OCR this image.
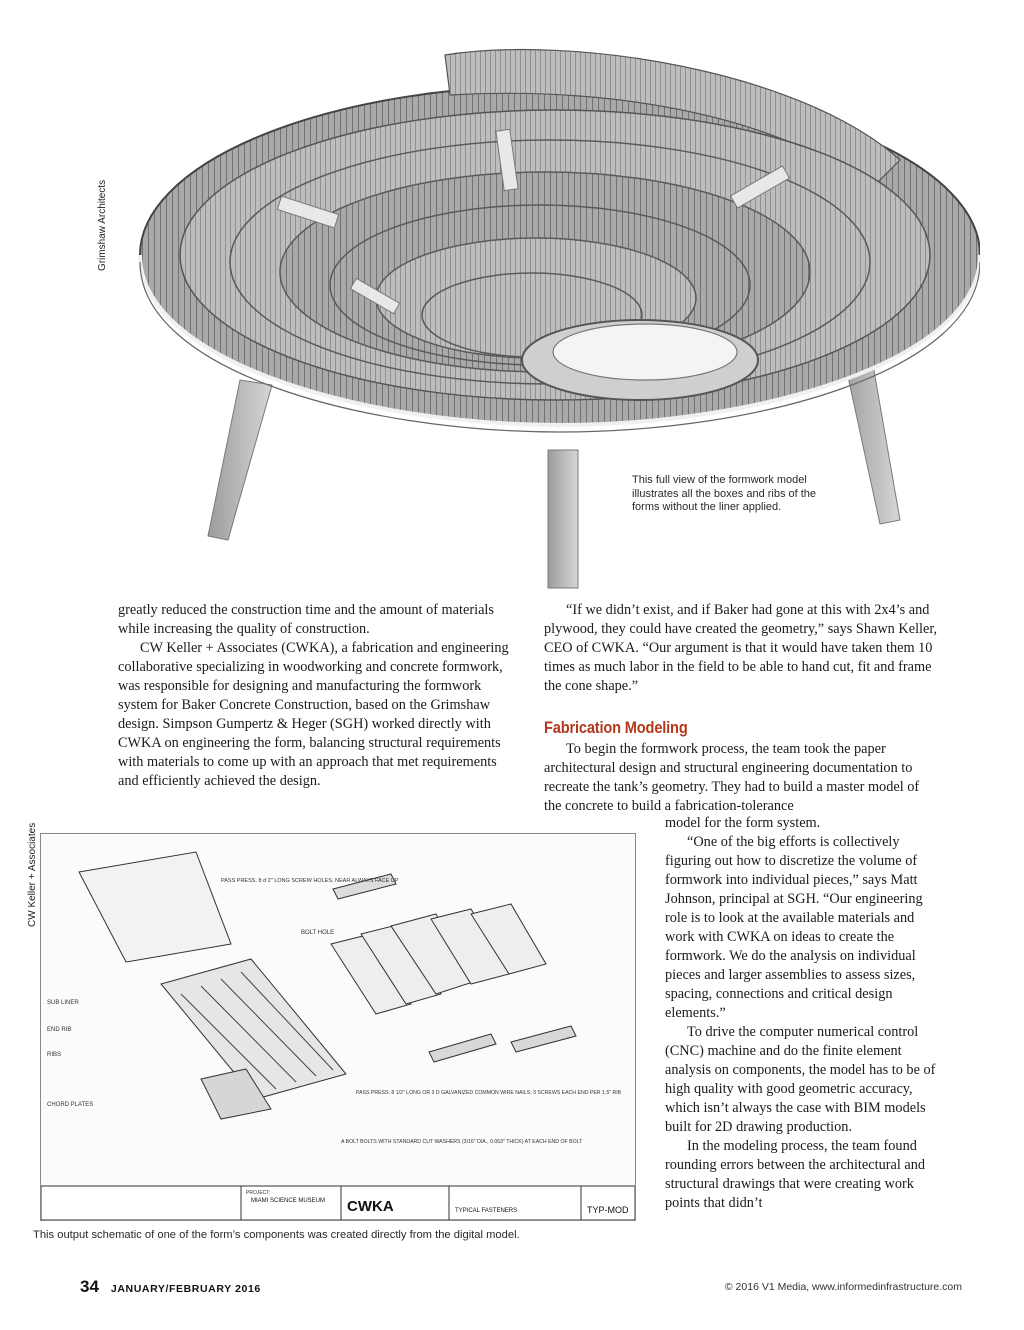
Grimshaw Architects
CW Keller + Associates
This full view of the formwork model illustrates all the boxes and ribs of the forms without the liner applied.

greatly reduced the construction time and the amount of materials while increasing the quality of construction.

CW Keller + Associates (CWKA), a fabrication and engineering collaborative specializing in woodworking and concrete formwork, was responsible for designing and manufacturing the formwork system for Baker Concrete Construction, based on the Grimshaw design. Simpson Gumpertz & Heger (SGH) worked directly with CWKA on engineering the form, balancing structural requirements with materials to come up with an approach that met requirements and efficiently achieved the design.

“If we didn’t exist, and if Baker had gone at this with 2x4’s and plywood, they could have created the geometry,” says Shawn Keller, CEO of CWKA. “Our argument is that it would have taken them 10 times as much labor in the field to be able to hand cut, fit and frame the cone shape.”

Fabrication Modeling

To begin the formwork process, the team took the paper architectural design and structural engineering documentation to recreate the tank’s geometry. They had to build a master model of the concrete to build a fabrication-tolerance

model for the form system.

“One of the big efforts is collectively figuring out how to discretize the volume of formwork into individual pieces,” says Matt Johnson, principal at SGH. “Our engineering role is to look at the available materials and work with CWKA on ideas to create the formwork. We do the analysis on individual pieces and larger assemblies to assess sizes, spacing, connections and critical design elements.”

To drive the computer numerical control (CNC) machine and do the finite element analysis on components, the model has to be of high quality with good geometric accuracy, which isn’t always the case with BIM models built for 2D drawing production.

In the modeling process, the team found rounding errors between the architectural and structural drawings that were creating work points that didn’t

SUB LINER
END RIB
RIBS
CHORD PLATES
BOLT HOLE
PASS PRESS. 8 d 2" LONG SCREW HOLES, NEAR ALWAYS FACE UP
PASS PRESS. 8 1/2" LONG OR 3 D GALVANIZED COMMON WIRE NAILS; 3 SCREWS EACH END PER 1.5" RIB
A BOLT BOLTS WITH STANDARD CUT WASHERS (3/16" DIA., 0.063" THICK) AT EACH END OF BOLT
PROJECT:
MIAMI SCIENCE MUSEUM CWKA	TYPICAL FASTENERS	TYP-MOD
This output schematic of one of the form’s components was created directly from the digital model.
34 JANUARY/FEBRUARY 2016	© 2016 V1 Media, www.informedinfrastructure.com
